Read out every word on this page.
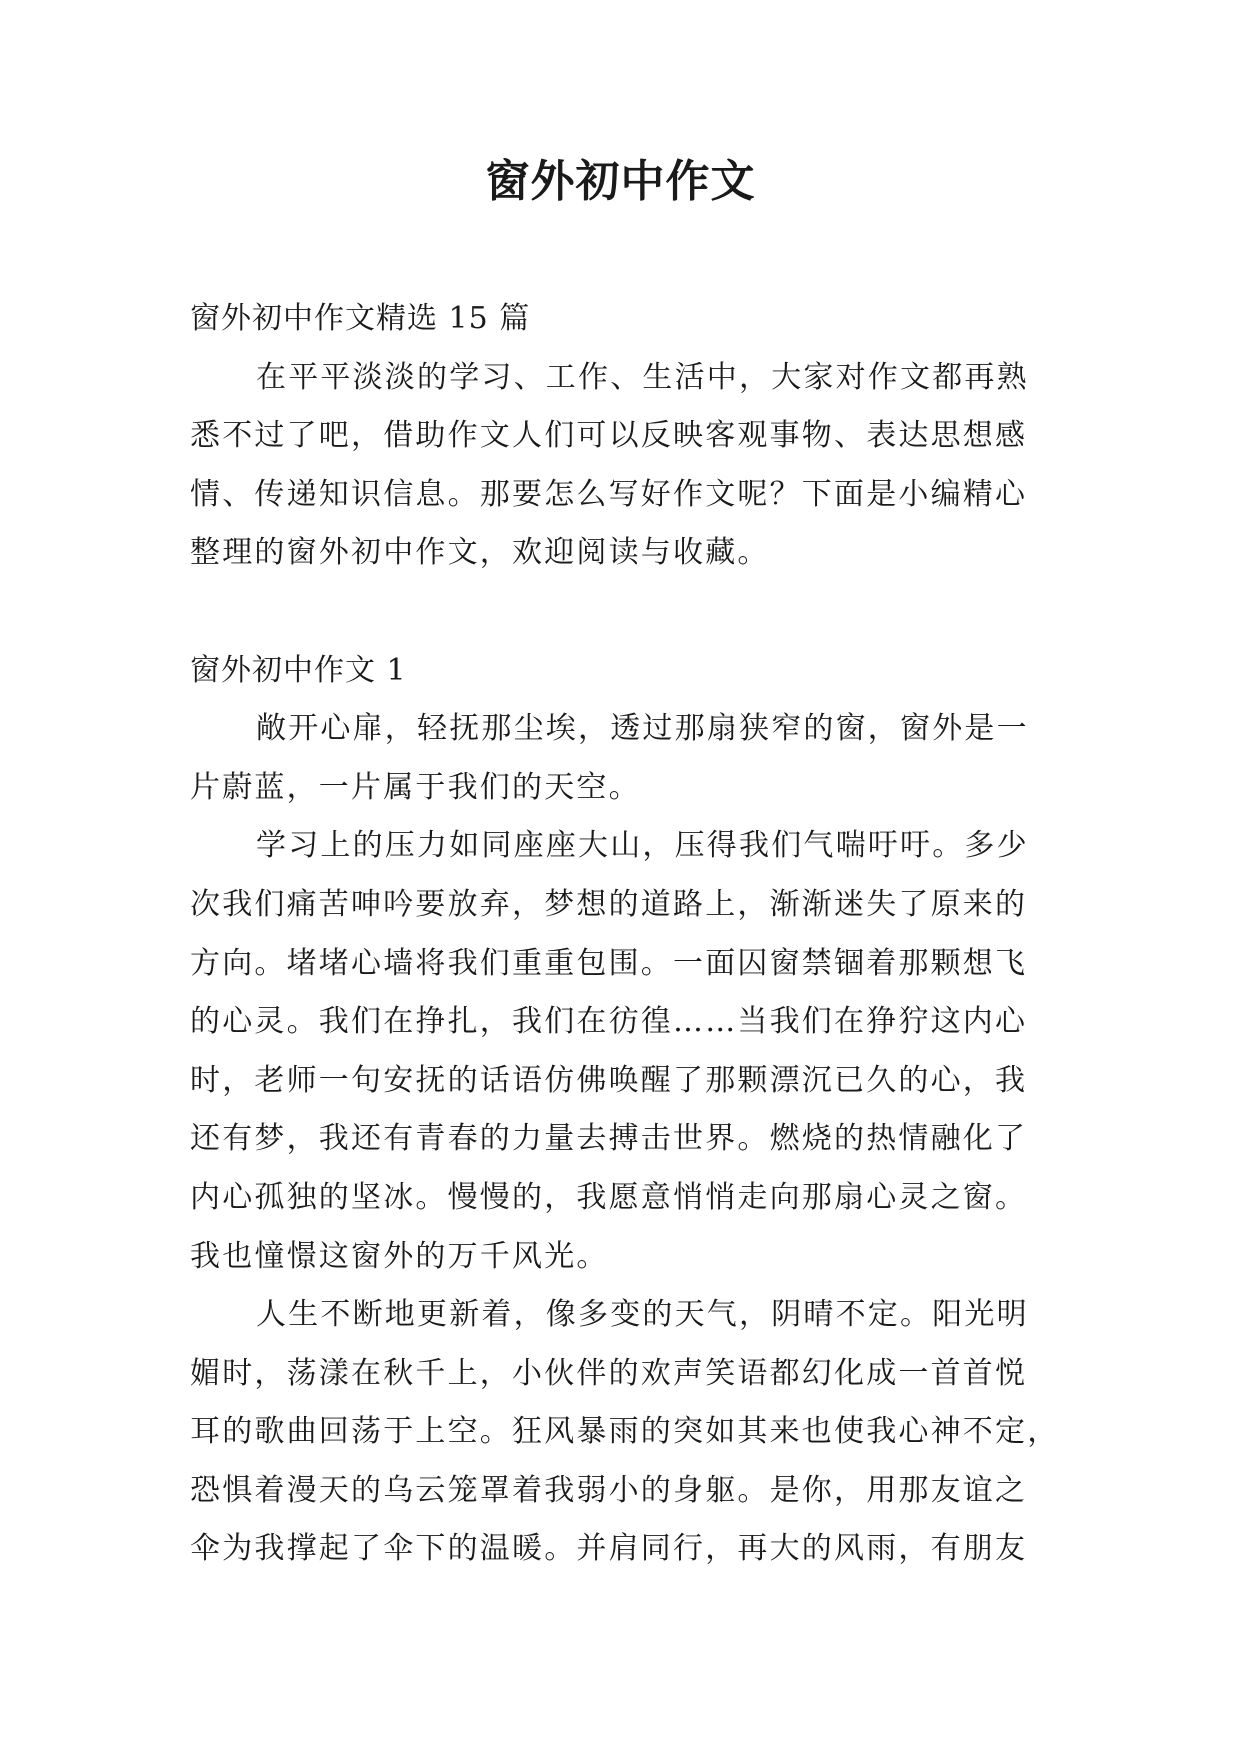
窗外初中作文

窗外初中作文精选 15 篇

在平平淡淡的学习、工作、生活中，大家对作文都再熟

悉不过了吧，借助作文人们可以反映客观事物、表达思想感

情、传递知识信息。那要怎么写好作文呢？下面是小编精心

整理的窗外初中作文，欢迎阅读与收藏。

窗外初中作文 1

敞开心扉，轻抚那尘埃，透过那扇狭窄的窗，窗外是一

片蔚蓝，一片属于我们的天空。

学习上的压力如同座座大山，压得我们气喘吁吁。多少

次我们痛苦呻吟要放弃，梦想的道路上，渐渐迷失了原来的

方向。堵堵心墙将我们重重包围。一面囚窗禁锢着那颗想飞

的心灵。我们在挣扎，我们在彷徨……当我们在狰狞这内心

时，老师一句安抚的话语仿佛唤醒了那颗漂沉已久的心，我

还有梦，我还有青春的力量去搏击世界。燃烧的热情融化了

内心孤独的坚冰。慢慢的，我愿意悄悄走向那扇心灵之窗。

我也憧憬这窗外的万千风光。

人生不断地更新着，像多变的天气，阴晴不定。阳光明

媚时，荡漾在秋千上，小伙伴的欢声笑语都幻化成一首首悦

耳的歌曲回荡于上空。狂风暴雨的突如其来也使我心神不定，

恐惧着漫天的乌云笼罩着我弱小的身躯。是你，用那友谊之

伞为我撑起了伞下的温暖。并肩同行，再大的风雨，有朋友
